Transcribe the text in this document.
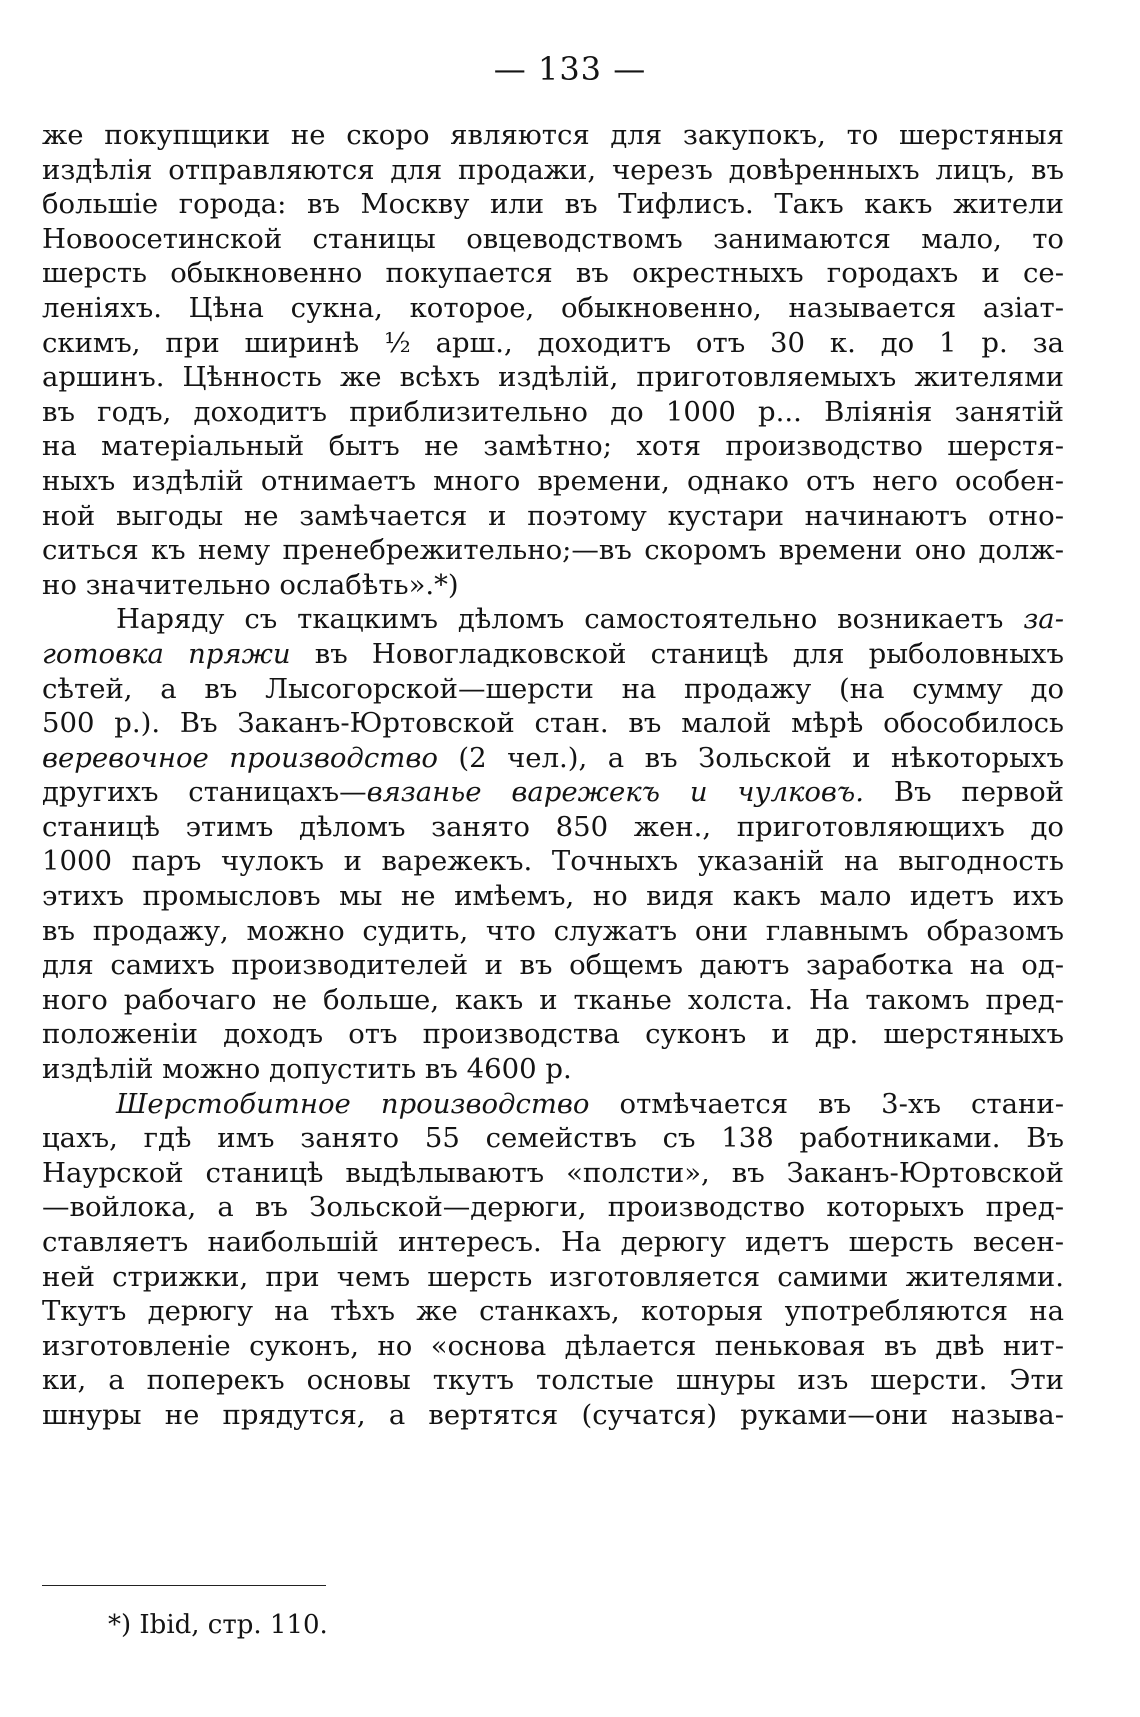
— 133 —
же покупщики не скоро являются для закупокъ, то шерстяныя
издѣлія отправляются для продажи, черезъ довѣренныхъ лицъ, въ
большіе города: въ Москву или въ Тифлисъ. Такъ какъ жители
Новоосетинской станицы овцеводствомъ занимаются мало, то
шерсть обыкновенно покупается въ окрестныхъ городахъ и се-
леніяхъ. Цѣна сукна, которое, обыкновенно, называется азіат-
скимъ, при ширинѣ ½ арш., доходитъ отъ 30 к. до 1 р. за
аршинъ. Цѣнность же всѣхъ издѣлій, приготовляемыхъ жителями
въ годъ, доходитъ приблизительно до 1000 р... Вліянія занятій
на матеріальный бытъ не замѣтно; хотя производство шерстя-
ныхъ издѣлій отнимаетъ много времени, однако отъ него особен-
ной выгоды не замѣчается и поэтому кустари начинаютъ отно-
ситься къ нему пренебрежительно;—въ скоромъ времени оно долж-
но значительно ослабѣть».*)
Наряду съ ткацкимъ дѣломъ самостоятельно возникаетъ за-
готовка пряжи въ Новогладковской станицѣ для рыболовныхъ
сѣтей, а въ Лысогорской—шерсти на продажу (на сумму до
500 р.). Въ Заканъ-Юртовской стан. въ малой мѣрѣ обособилось
веревочное производство (2 чел.), а въ Зольской и нѣкоторыхъ
другихъ станицахъ—вязанье варежекъ и чулковъ. Въ первой
станицѣ этимъ дѣломъ занято 850 жен., приготовляющихъ до
1000 паръ чулокъ и варежекъ. Точныхъ указаній на выгодность
этихъ промысловъ мы не имѣемъ, но видя какъ мало идетъ ихъ
въ продажу, можно судить, что служатъ они главнымъ образомъ
для самихъ производителей и въ общемъ даютъ заработка на од-
ного рабочаго не больше, какъ и тканье холста. На такомъ пред-
положеніи доходъ отъ производства суконъ и др. шерстяныхъ
издѣлій можно допустить въ 4600 р.
Шерстобитное производство отмѣчается въ 3-хъ стани-
цахъ, гдѣ имъ занято 55 семействъ съ 138 работниками. Въ
Наурской станицѣ выдѣлываютъ «полсти», въ Заканъ-Юртовской
—войлока, а въ Зольской—дерюги, производство которыхъ пред-
ставляетъ наибольшій интересъ. На дерюгу идетъ шерсть весен-
ней стрижки, при чемъ шерсть изготовляется самими жителями.
Ткутъ дерюгу на тѣхъ же станкахъ, которыя употребляются на
изготовленіе суконъ, но «основа дѣлается пеньковая въ двѣ нит-
ки, а поперекъ основы ткутъ толстые шнуры изъ шерсти. Эти
шнуры не прядутся, а вертятся (сучатся) руками—они называ-
*) Ibid, стр. 110.
